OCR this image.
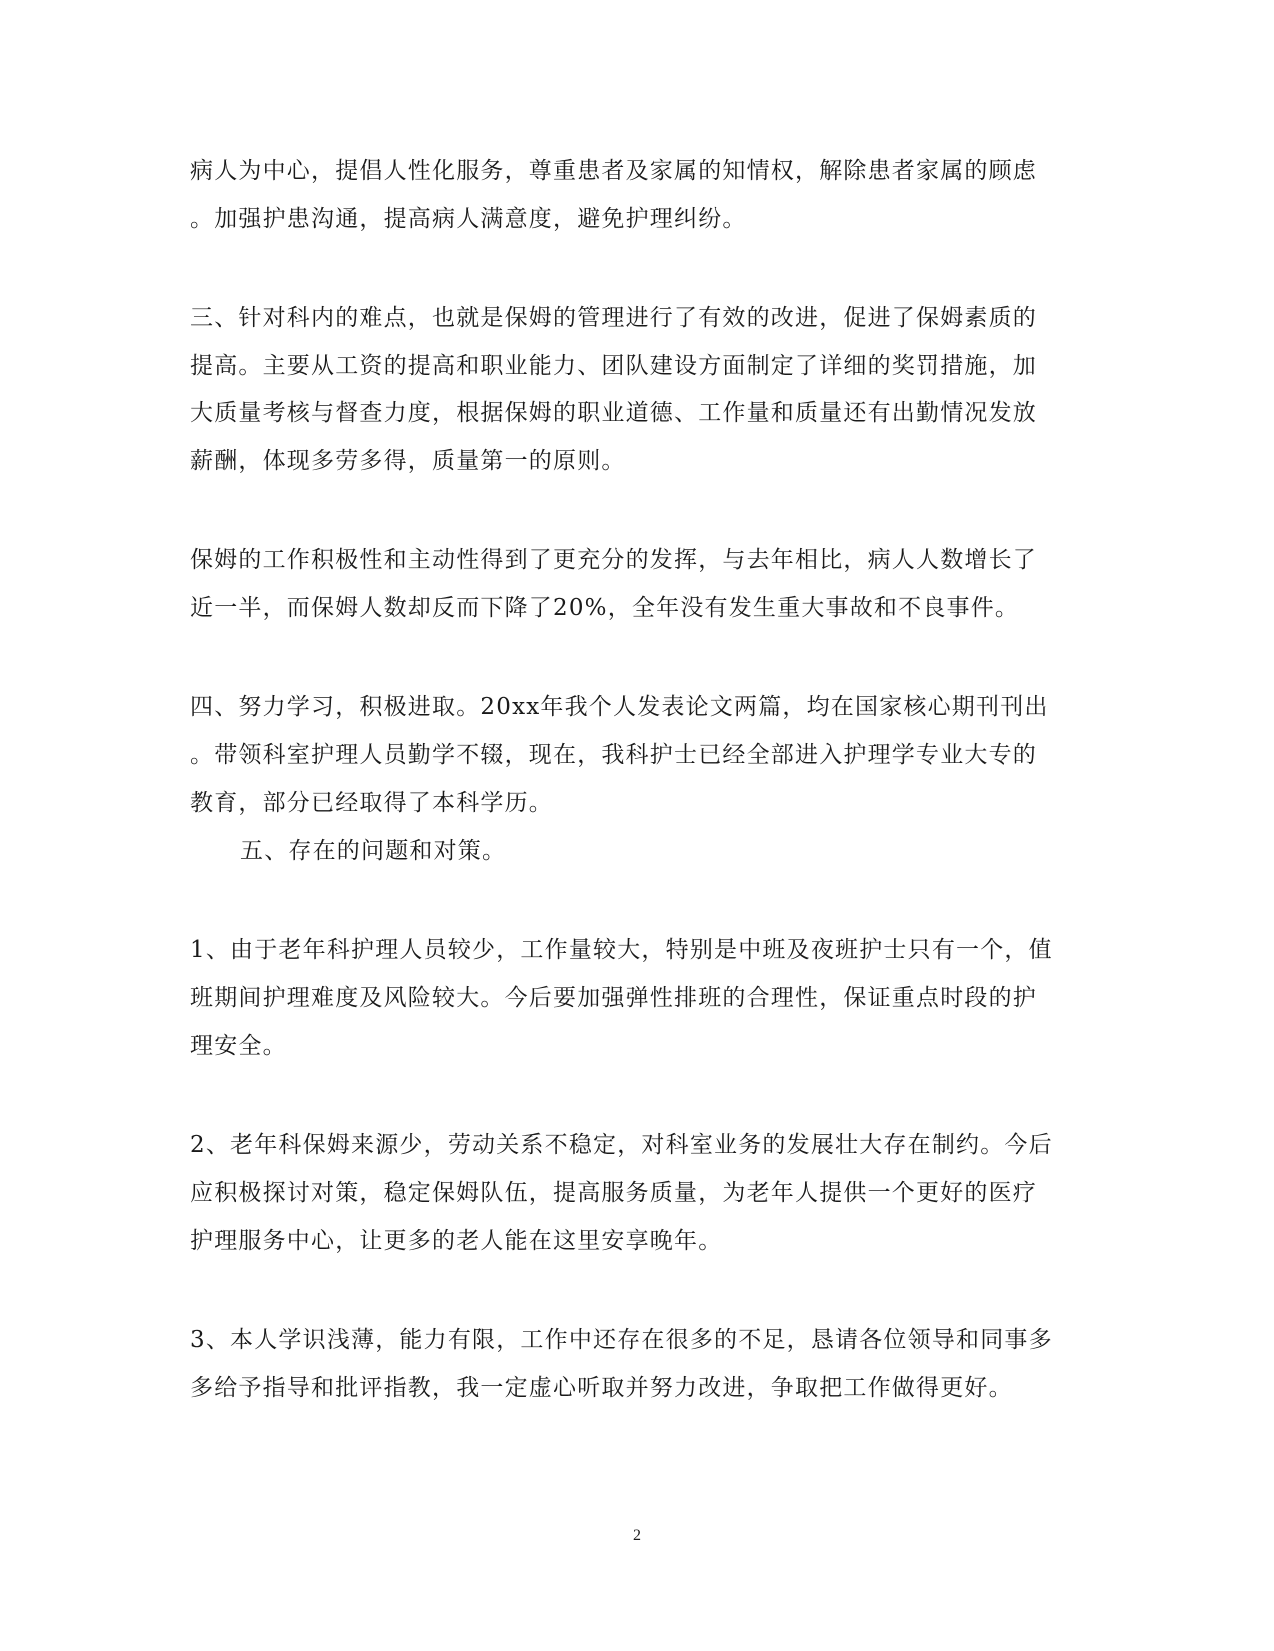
病人为中心，提倡人性化服务，尊重患者及家属的知情权，解除患者家属的顾虑
。加强护患沟通，提高病人满意度，避免护理纠纷。
三、针对科内的难点，也就是保姆的管理进行了有效的改进，促进了保姆素质的
提高。主要从工资的提高和职业能力、团队建设方面制定了详细的奖罚措施，加
大质量考核与督查力度，根据保姆的职业道德、工作量和质量还有出勤情况发放
薪酬，体现多劳多得，质量第一的原则。
保姆的工作积极性和主动性得到了更充分的发挥，与去年相比，病人人数增长了
近一半，而保姆人数却反而下降了20%，全年没有发生重大事故和不良事件。
四、努力学习，积极进取。20xx年我个人发表论文两篇，均在国家核心期刊刊出
。带领科室护理人员勤学不辍，现在，我科护士已经全部进入护理学专业大专的
教育，部分已经取得了本科学历。
五、存在的问题和对策。
1、由于老年科护理人员较少，工作量较大，特别是中班及夜班护士只有一个，值
班期间护理难度及风险较大。今后要加强弹性排班的合理性，保证重点时段的护
理安全。
2、老年科保姆来源少，劳动关系不稳定，对科室业务的发展壮大存在制约。今后
应积极探讨对策，稳定保姆队伍，提高服务质量，为老年人提供一个更好的医疗
护理服务中心，让更多的老人能在这里安享晚年。
3、本人学识浅薄，能力有限，工作中还存在很多的不足，恳请各位领导和同事多
多给予指导和批评指教，我一定虚心听取并努力改进，争取把工作做得更好。
2
